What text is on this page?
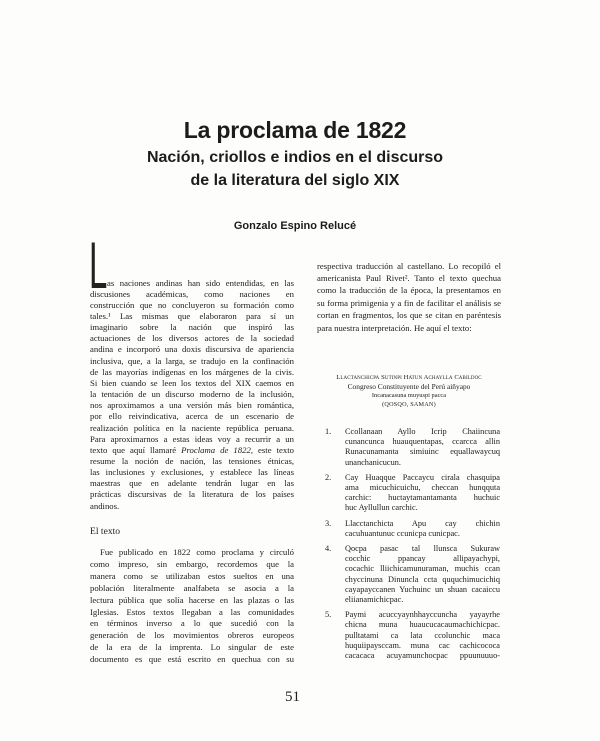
La proclama de 1822
Nación, criollos e indios en el discurso
de la literatura del siglo XIX
Gonzalo Espino Relucé
L as naciones andinas han sido entendidas, en las
discusiones académicas, como naciones en
construcción que no concluyeron su formación como
tales.¹ Las mismas que elaboraron para sí un
imaginario sobre la nación que inspiró las
actuaciones de los diversos actores de la sociedad
andina e incorporó una doxis discursiva de apariencia
inclusiva, que, a la larga, se tradujo en la confinación
de las mayorías indígenas en los márgenes de la civis.
Si bien cuando se leen los textos del XIX caemos en
la tentación de un discurso moderno de la inclusión,
nos aproximamos a una versión más bien romántica,
por ello reivindicativa, acerca de un escenario de
realización política en la naciente república peruana.
Para aproximarnos a estas ideas voy a recurrir a un
texto que aquí llamaré Proclama de 1822, este texto
resume la noción de nación, las tensiones étnicas,
las inclusiones y exclusiones, y establece las líneas
maestras que en adelante tendrán lugar en las
prácticas discursivas de la literatura de los países
andinos.
El texto
Fue publicado en 1822 como proclama y circuló
como impreso, sin embargo, recordemos que la
manera como se utilizaban estos sueltos en una
población literalmente analfabeta se asocia a la
lectura pública que solía hacerse en las plazas o las
Iglesias. Estos textos llegaban a las comunidades
en términos inverso a lo que sucedió con la
generación de los movimientos obreros europeos
de la era de la imprenta. Lo singular de este
documento es que está escrito en quechua con su
respectiva traducción al castellano. Lo recopiló el
americanista Paul Rivet². Tanto el texto quechua
como la traducción de la época, la presentamos en
su forma primigenia y a fin de facilitar el análisis se
cortan en fragmentos, los que se citan en paréntesis
para nuestra interpretación. He aquí el texto:
Llactanchicpa Sutinpi Hatun Achaylla Cabildoc
Congreso Constituyente del Perú aiñyapo
Incanacasuna muyuspi pacca
(QOSQO, SAMAN)
1.	Ccollanaan Ayllo Icrip Chaiincuna
cunancunca huauquentapas, ccarcca allin
Runacunamanta simiuinc equallawaycuq
unanchanicucun.
2.	Cay Huaqque Paccaycu cirala chasquipa
ama micuchicuichu, checcan hunqquta
carchic: huctaytamantamanta huchuic
huc Ayllullun carchic.
3.	Llacctanchicta Apu cay chichin
cacuhuantunuc ccunicpa cunicpac.
4.	Qocpa pasac tal llunsca Sukuraw
cocchic ppancay allipayachypi,
cocachic lliichicamunuraman, muchis ccan
chyccinuna Dinuncla ccta ququchimucichiq
cayapayccanen Yuchuinc un shuan cacaiccu
eliianamichicpac.
5.	Paymi acuccyaynhhayccuncha yayayrhe
chicna muna huaucucacaumachichicpac.
pulltatami ca lata ccolunchic maca
huquiipaysccam. muna cac cachicococa
cacacaca acuyamunchocpac ppuunuuuo-
51
